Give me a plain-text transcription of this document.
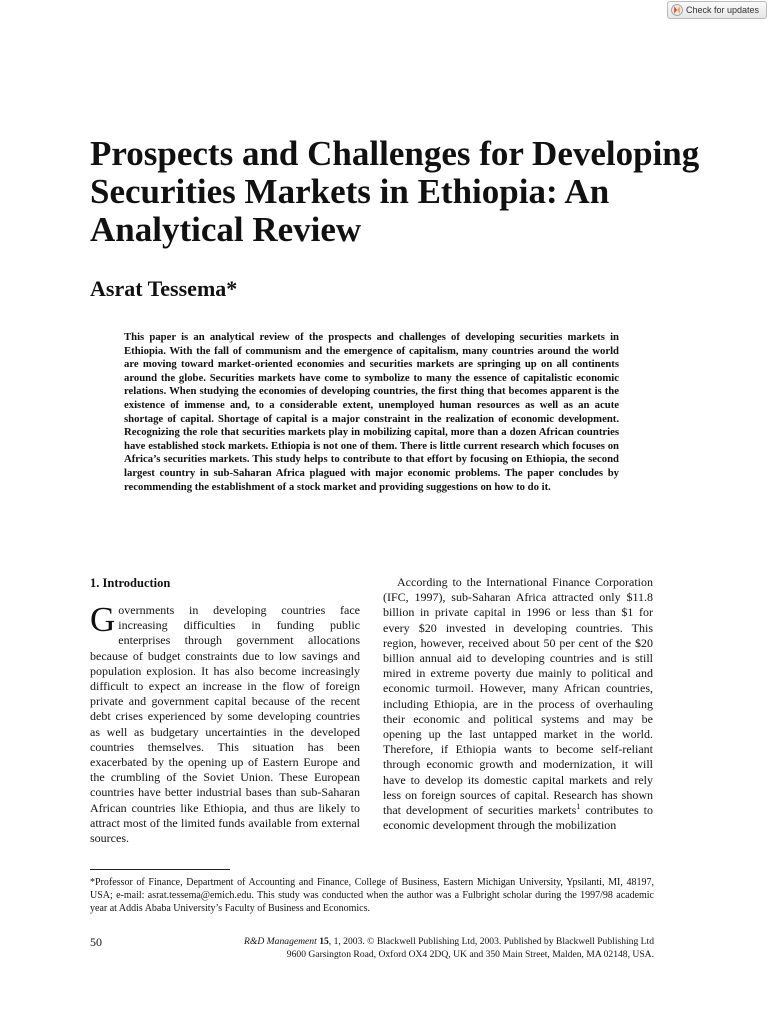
Check for updates
Prospects and Challenges for Developing Securities Markets in Ethiopia: An Analytical Review
Asrat Tessema*

This paper is an analytical review of the prospects and challenges of developing securities markets in Ethiopia. With the fall of communism and the emergence of capitalism, many countries around the world are moving toward market-oriented economies and securities markets are springing up on all continents around the globe. Securities markets have come to symbolize to many the essence of capitalistic economic relations. When studying the economies of developing countries, the first thing that becomes apparent is the existence of immense and, to a considerable extent, unemployed human resources as well as an acute shortage of capital. Shortage of capital is a major constraint in the realization of economic development. Recognizing the role that securities markets play in mobilizing capital, more than a dozen African countries have established stock markets. Ethiopia is not one of them. There is little current research which focuses on Africa’s securities markets. This study helps to contribute to that effort by focusing on Ethiopia, the second largest country in sub-Saharan Africa plagued with major economic problems. The paper concludes by recommending the establishment of a stock market and providing suggestions on how to do it.

1. Introduction

Governments in developing countries face increasing difficulties in funding public enterprises through government allocations because of budget constraints due to low savings and population explosion. It has also become increasingly difficult to expect an increase in the flow of foreign private and government capital because of the recent debt crises experienced by some developing countries as well as budgetary uncertainties in the developed countries themselves. This situation has been exacerbated by the opening up of Eastern Europe and the crumbling of the Soviet Union. These European countries have better industrial bases than sub-Saharan African countries like Ethiopia, and thus are likely to attract most of the limited funds available from external sources.

According to the International Finance Corporation (IFC, 1997), sub-Saharan Africa attracted only $11.8 billion in private capital in 1996 or less than $1 for every $20 invested in developing countries. This region, however, received about 50 per cent of the $20 billion annual aid to developing countries and is still mired in extreme poverty due mainly to political and economic turmoil. However, many African countries, including Ethiopia, are in the process of overhauling their economic and political systems and may be opening up the last untapped market in the world. Therefore, if Ethiopia wants to become self-reliant through economic growth and modernization, it will have to develop its domestic capital markets and rely less on foreign sources of capital. Research has shown that development of securities markets$^1$ contributes to economic development through the mobilization

*Professor of Finance, Department of Accounting and Finance, College of Business, Eastern Michigan University, Ypsilanti, MI, 48197, USA; e-mail: asrat.tessema@emich.edu. This study was conducted when the author was a Fulbright scholar during the 1997/98 academic year at Addis Ababa University’s Faculty of Business and Economics.

50	R&D Management 15, 1, 2003. © Blackwell Publishing Ltd, 2003. Published by Blackwell Publishing Ltd
9600 Garsington Road, Oxford OX4 2DQ, UK and 350 Main Street, Malden, MA 02148, USA.
